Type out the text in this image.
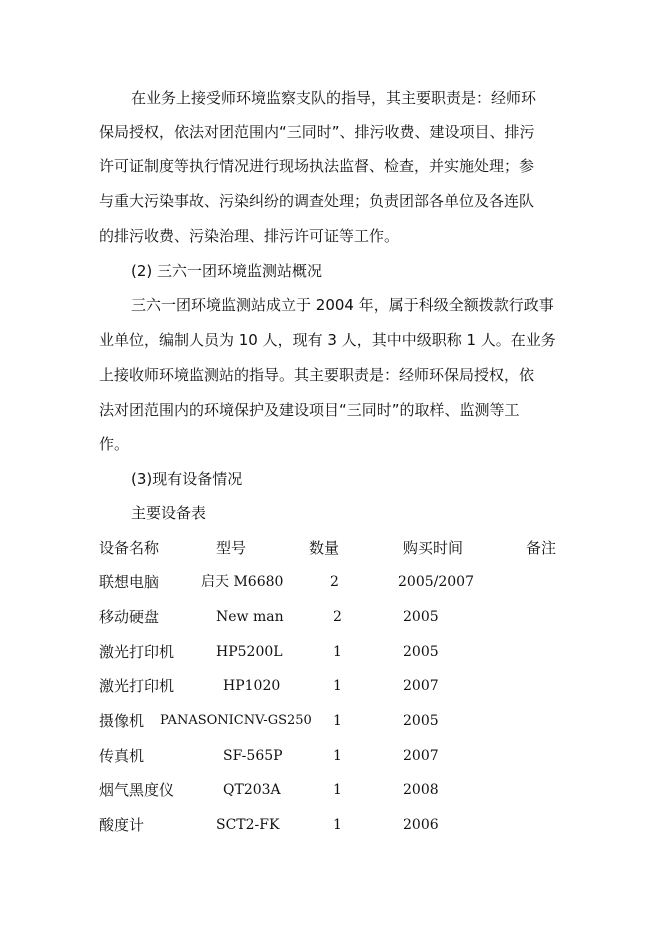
在业务上接受师环境监察支队的指导，其主要职责是：经师环
保局授权，依法对团范围内“三同时”、排污收费、建设项目、排污
许可证制度等执行情况进行现场执法监督、检查，并实施处理；参
与重大污染事故、污染纠纷的调查处理；负责团部各单位及各连队
的排污收费、污染治理、排污许可证等工作。
(2) 三六一团环境监测站概况
三六一团环境监测站成立于 2004 年，属于科级全额拨款行政事
业单位，编制人员为 10 人，现有 3 人，其中中级职称 1 人。在业务
上接收师环境监测站的指导。其主要职责是：经师环保局授权，依
法对团范围内的环境保护及建设项目“三同时”的取样、监测等工
作。
(3)现有设备情况
主要设备表
设备名称	型号	数量	购买时间	备注
联想电脑	启天 M6680	2	2005/2007
移动硬盘	New man	2	2005
激光打印机	HP5200L	1	2005
激光打印机	HP1020	1	2007
摄像机 PANASONICNV-GS250 1	2005
传真机	SF-565P	1	2007
烟气黑度仪	QT203A	1	2008
酸度计	SCT2-FK	1	2006
